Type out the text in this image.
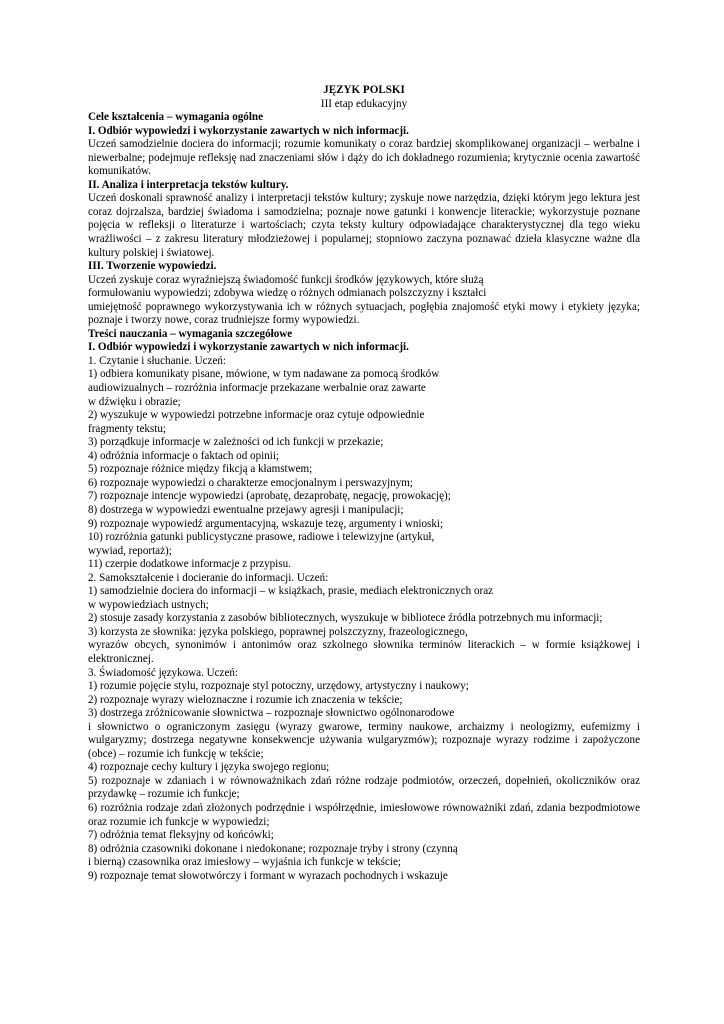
JĘZYK POLSKI

III etap edukacyjny

Cele kształcenia – wymagania ogólne

I. Odbiór wypowiedzi i wykorzystanie zawartych w nich informacji.

Uczeń samodzielnie dociera do informacji; rozumie komunikaty o coraz bardziej skomplikowanej organizacji – werbalne i niewerbalne; podejmuje refleksję nad znaczeniami słów i dąży do ich dokładnego rozumienia; krytycznie ocenia zawartość komunikatów.

II. Analiza i interpretacja tekstów kultury.

Uczeń doskonali sprawność analizy i interpretacji tekstów kultury; zyskuje nowe narzędzia, dzięki którym jego lektura jest coraz dojrzalsza, bardziej świadoma i samodzielna; poznaje nowe gatunki i konwencje literackie; wykorzystuje poznane pojęcia w refleksji o literaturze i wartościach; czyta teksty kultury odpowiadające charakterystycznej dla tego wieku wrażliwości – z zakresu literatury młodzieżowej i popularnej; stopniowo zaczyna poznawać dzieła klasyczne ważne dla kultury polskiej i światowej.

III. Tworzenie wypowiedzi.

Uczeń zyskuje coraz wyraźniejszą świadomość funkcji środków językowych, które służą

formułowaniu wypowiedzi; zdobywa wiedzę o różnych odmianach polszczyzny i kształci

umiejętność poprawnego wykorzystywania ich w różnych sytuacjach, pogłębia znajomość etyki mowy i etykiety języka; poznaje i tworzy nowe, coraz trudniejsze formy wypowiedzi.

Treści nauczania – wymagania szczegółowe

I. Odbiór wypowiedzi i wykorzystanie zawartych w nich informacji.

1. Czytanie i słuchanie. Uczeń:

1) odbiera komunikaty pisane, mówione, w tym nadawane za pomocą środków

audiowizualnych – rozróżnia informacje przekazane werbalnie oraz zawarte

w dźwięku i obrazie;

2) wyszukuje w wypowiedzi potrzebne informacje oraz cytuje odpowiednie

fragmenty tekstu;

3) porządkuje informacje w zależności od ich funkcji w przekazie;

4) odróżnia informacje o faktach od opinii;

5) rozpoznaje różnice między fikcją a kłamstwem;

6) rozpoznaje wypowiedzi o charakterze emocjonalnym i perswazyjnym;

7) rozpoznaje intencje wypowiedzi (aprobatę, dezaprobatę, negację, prowokację);

8) dostrzega w wypowiedzi ewentualne przejawy agresji i manipulacji;

9) rozpoznaje wypowiedź argumentacyjną, wskazuje tezę, argumenty i wnioski;

10) rozróżnia gatunki publicystyczne prasowe, radiowe i telewizyjne (artykuł,

wywiad, reportaż);

11) czerpie dodatkowe informacje z przypisu.

2. Samokształcenie i docieranie do informacji. Uczeń:

1) samodzielnie dociera do informacji – w książkach, prasie, mediach elektronicznych oraz

w wypowiedziach ustnych;

2) stosuje zasady korzystania z zasobów bibliotecznych, wyszukuje w bibliotece źródła potrzebnych mu informacji;

3) korzysta ze słownika: języka polskiego, poprawnej polszczyzny, frazeologicznego,

wyrazów obcych, synonimów i antonimów oraz szkolnego słownika terminów literackich – w formie książkowej i elektronicznej.

3. Świadomość językowa. Uczeń:

1) rozumie pojęcie stylu, rozpoznaje styl potoczny, urzędowy, artystyczny i naukowy;

2) rozpoznaje wyrazy wieloznaczne i rozumie ich znaczenia w tekście;

3) dostrzega zróżnicowanie słownictwa – rozpoznaje słownictwo ogólnonarodowe

i słownictwo o ograniczonym zasięgu (wyrazy gwarowe, terminy naukowe, archaizmy i neologizmy, eufemizmy i wulgaryzmy; dostrzega negatywne konsekwencje używania wulgaryzmów); rozpoznaje wyrazy rodzime i zapożyczone (obce) – rozumie ich funkcję w tekście;

4) rozpoznaje cechy kultury i języka swojego regionu;

5) rozpoznaje w zdaniach i w równoważnikach zdań różne rodzaje podmiotów, orzeczeń, dopełnień, okoliczników oraz przydawkę – rozumie ich funkcje;

6) rozróżnia rodzaje zdań złożonych podrzędnie i współrzędnie, imiesłowowe równoważniki zdań, zdania bezpodmiotowe oraz rozumie ich funkcje w wypowiedzi;

7) odróżnia temat fleksyjny od końcówki;

8) odróżnia czasowniki dokonane i niedokonane; rozpoznaje tryby i strony (czynną

i bierną) czasownika oraz imiesłowy – wyjaśnia ich funkcje w tekście;

9) rozpoznaje temat słowotwórczy i formant w wyrazach pochodnych i wskazuje
